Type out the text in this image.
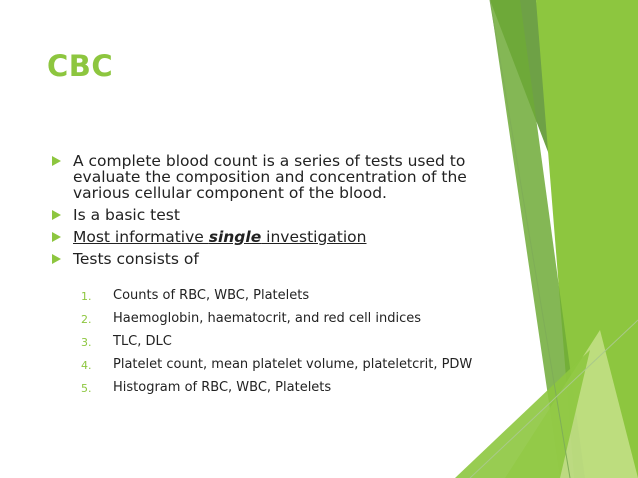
CBC
A complete blood count is a series of tests used to evaluate the composition and concentration of the various cellular component of the blood.
Is a basic test
Most informative single investigation
Tests consists of
1. Counts of RBC, WBC, Platelets
2. Haemoglobin, haematocrit, and red cell indices
3. TLC, DLC
4. Platelet count, mean platelet volume, plateletcrit, PDW
5. Histogram of RBC, WBC, Platelets
